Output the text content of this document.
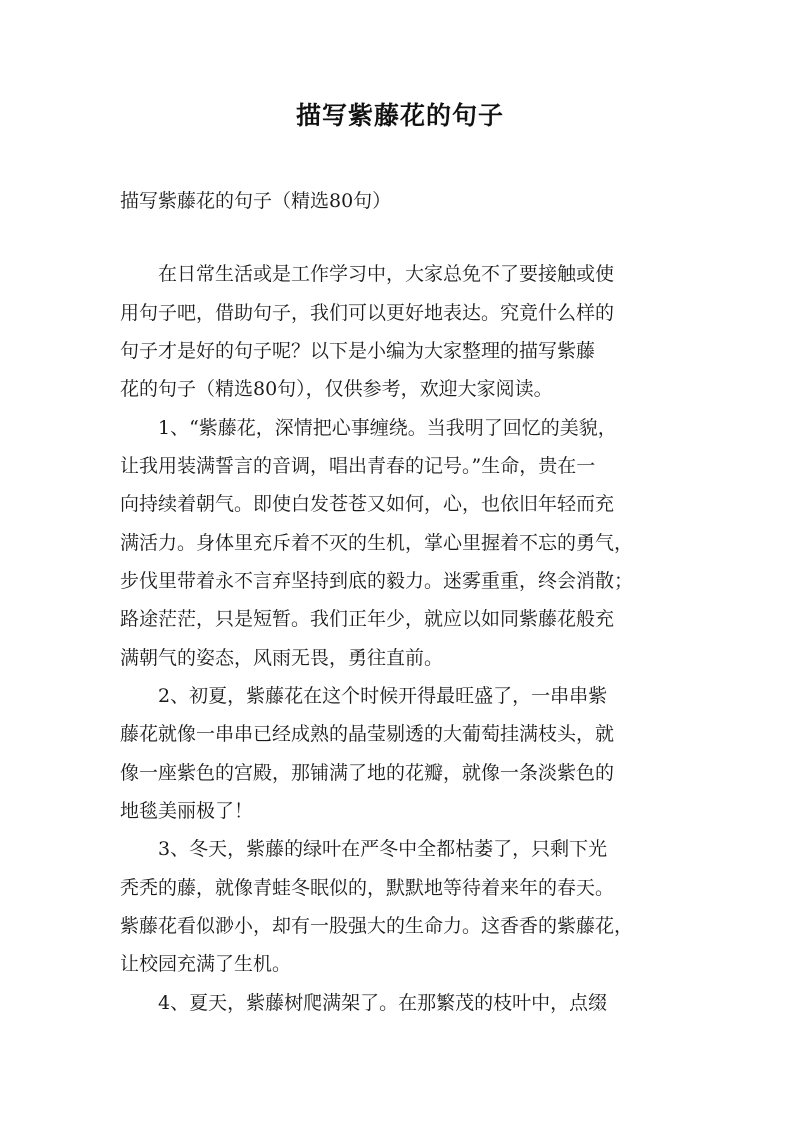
描写紫藤花的句子
描写紫藤花的句子（精选80句）
　　在日常生活或是工作学习中，大家总免不了要接触或使
用句子吧，借助句子，我们可以更好地表达。究竟什么样的
句子才是好的句子呢？以下是小编为大家整理的描写紫藤
花的句子（精选80句），仅供参考，欢迎大家阅读。
　　1、“紫藤花，深情把心事缠绕。当我明了回忆的美貌，
让我用装满誓言的音调，唱出青春的记号。”生命，贵在一
向持续着朝气。即使白发苍苍又如何，心，也依旧年轻而充
满活力。身体里充斥着不灭的生机，掌心里握着不忘的勇气，
步伐里带着永不言弃坚持到底的毅力。迷雾重重，终会消散；
路途茫茫，只是短暂。我们正年少，就应以如同紫藤花般充
满朝气的姿态，风雨无畏，勇往直前。
　　2、初夏，紫藤花在这个时候开得最旺盛了，一串串紫
藤花就像一串串已经成熟的晶莹剔透的大葡萄挂满枝头，就
像一座紫色的宫殿，那铺满了地的花瓣，就像一条淡紫色的
地毯美丽极了！
　　3、冬天，紫藤的绿叶在严冬中全都枯萎了，只剩下光
秃秃的藤，就像青蛙冬眠似的，默默地等待着来年的春天。
紫藤花看似渺小，却有一股强大的生命力。这香香的紫藤花，
让校园充满了生机。
　　4、夏天，紫藤树爬满架了。在那繁茂的枝叶中，点缀
